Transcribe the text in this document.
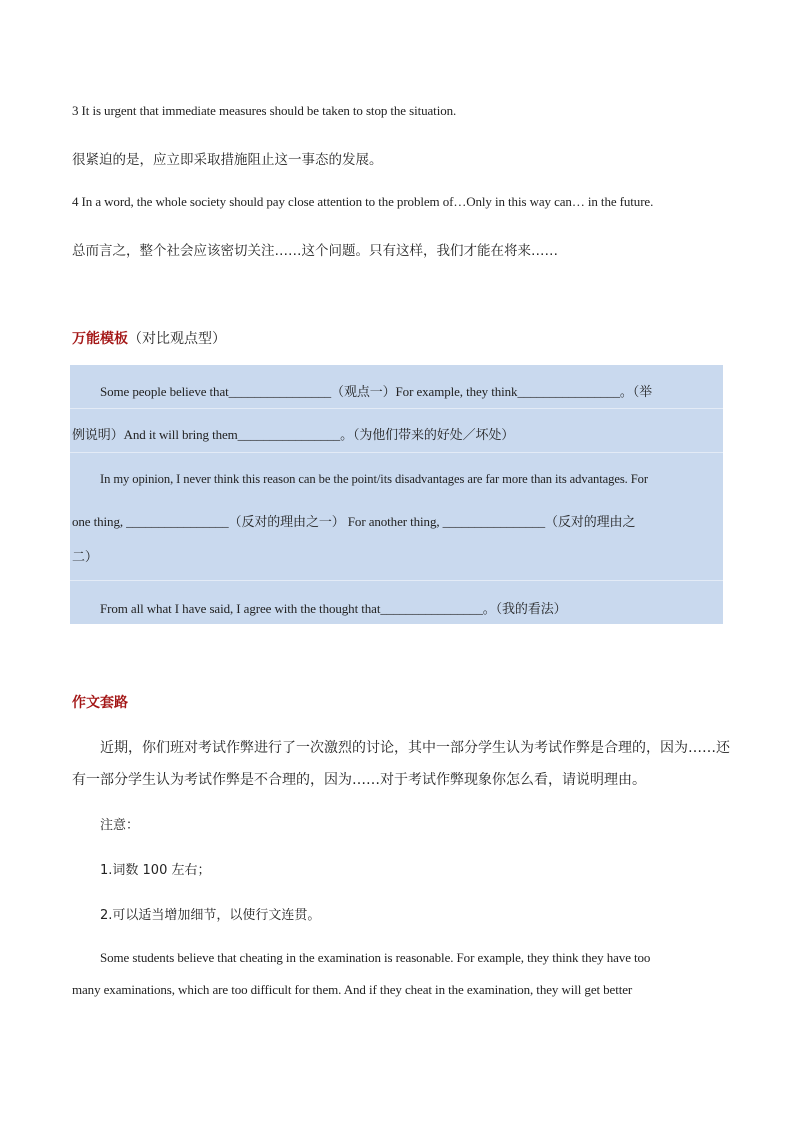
3 It is urgent that immediate measures should be taken to stop the situation.
很紧迫的是，应立即采取措施阻止这一事态的发展。
4 In a word, the whole society should pay close attention to the problem of…Only in this way can… in the future.
总而言之，整个社会应该密切关注……这个问题。只有这样，我们才能在将来……
万能模板（对比观点型）
Some people believe that________________（观点一）For example, they think________________。（举
例说明）And it will bring them________________。（为他们带来的好处／坏处）
In my opinion, I never think this reason can be the point/its disadvantages are far more than its advantages. For
one thing, ________________（反对的理由之一） For another thing, ________________（反对的理由之
二）
From all what I have said, I agree with the thought that________________。（我的看法）
作文套路
近期，你们班对考试作弊进行了一次激烈的讨论，其中一部分学生认为考试作弊是合理的，因为……还
有一部分学生认为考试作弊是不合理的，因为……对于考试作弊现象你怎么看，请说明理由。
注意：
1.词数 100 左右；
2.可以适当增加细节，以使行文连贯。
Some students believe that cheating in the examination is reasonable. For example, they think they have too
many examinations, which are too difficult for them. And if they cheat in the examination, they will get better
